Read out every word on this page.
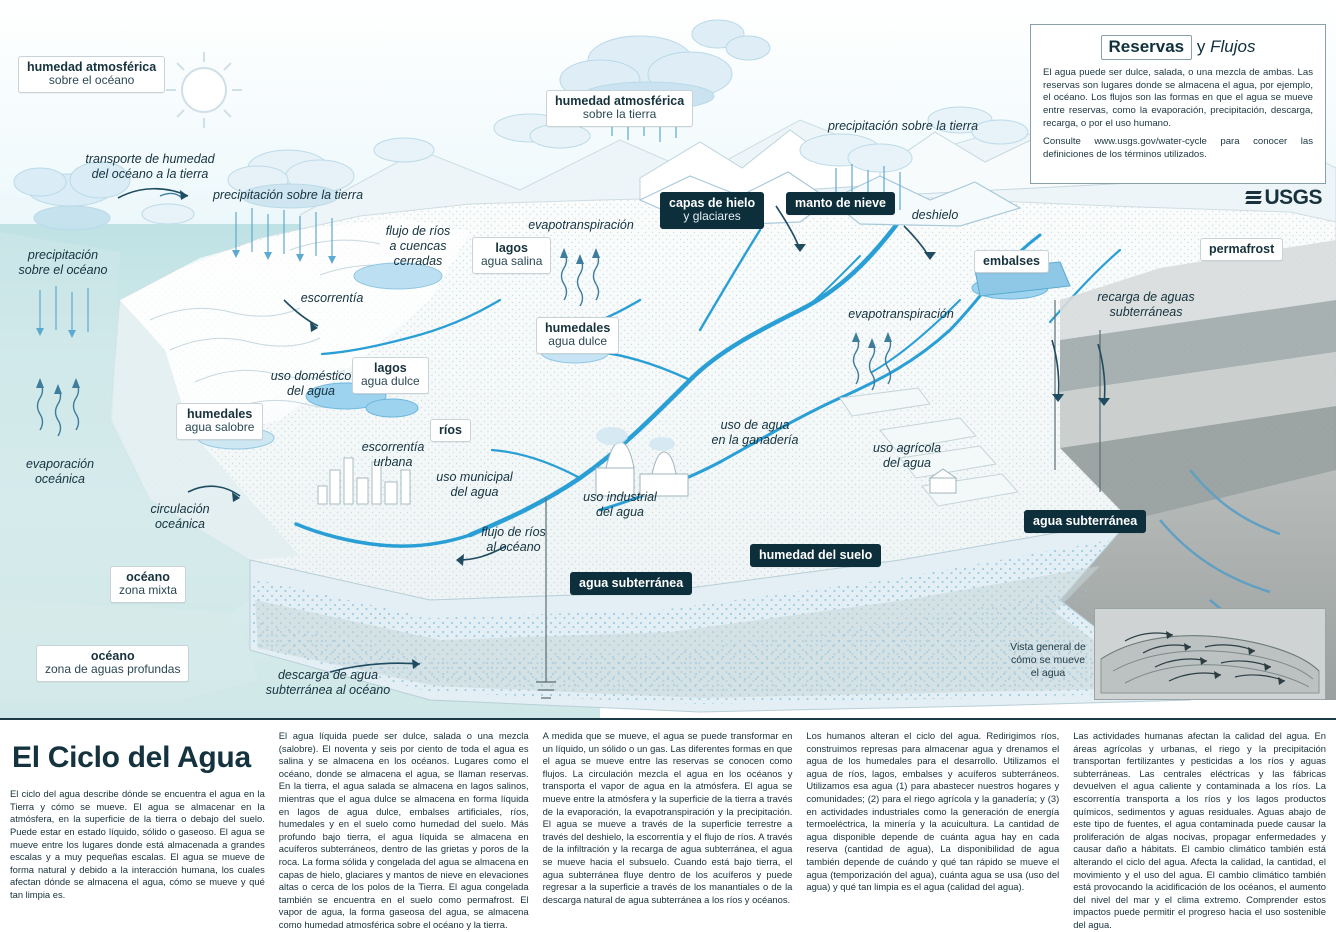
humedad atmosférica
sobre el océano
humedad atmosférica
sobre la tierra
capas de hielo
y glaciares
manto de nieve
lagos
agua salina	embalses
permafrost
humedales
agua dulce
lagos
agua dulce
humedales
agua salobre	ríos
agua subterránea
humedad del suelo
agua subterránea
océano
zona mixta
océano
zona de aguas profundas
transporte de humedad
del océano a la tierra
precipitación sobre la tierra
precipitación sobre la tierra
flujo de ríos
a cuencas
cerradas
evapotranspiración
deshielo
precipitación
sobre el océano
escorrentía	recarga de aguas
subterráneas
evapotranspiración
uso doméstico
del agua
uso de agua
en la ganadería
uso agrícola
del agua
escorrentía
urbana
uso municipal
del agua
evaporación
oceánica
uso industrial
del agua
circulación
oceánica
flujo de ríos
al océano
descarga de agua
subterránea al océano
Reservas y Flujos

El agua puede ser dulce, salada, o una mezcla de ambas. Las reservas son lugares donde se almacena el agua, por ejemplo, el océano. Los flujos son las formas en que el agua se mueve entre reservas, como la evaporación, precipitación, descarga, recarga, o por el uso humano.

Consulte www.usgs.gov/water-cycle para conocer las definiciones de los términos utilizados.

USGS
Vista general de cómo se mueve el agua
El Ciclo del Agua

El ciclo del agua describe dónde se encuentra el agua en la Tierra y cómo se mueve. El agua se almacenar en la atmósfera, en la superficie de la tierra o debajo del suelo. Puede estar en estado líquido, sólido o gaseoso. El agua se mueve entre los lugares donde está almacenada a grandes escalas y a muy pequeñas escalas. El agua se mueve de forma natural y debido a la interacción humana, los cuales afectan dónde se almacena el agua, cómo se mueve y qué tan limpia es.

El agua líquida puede ser dulce, salada o una mezcla (salobre). El noventa y seis por ciento de toda el agua es salina y se almacena en los océanos. Lugares como el océano, donde se almacena el agua, se llaman reservas. En la tierra, el agua salada se almacena en lagos salinos, mientras que el agua dulce se almacena en forma líquida en lagos de agua dulce, embalses artificiales, ríos, humedales y en el suelo como humedad del suelo. Más profundo bajo tierra, el agua líquida se almacena en acuíferos subterráneos, dentro de las grietas y poros de la roca. La forma sólida y congelada del agua se almacena en capas de hielo, glaciares y mantos de nieve en elevaciones altas o cerca de los polos de la Tierra. El agua congelada también se encuentra en el suelo como permafrost. El vapor de agua, la forma gaseosa del agua, se almacena como humedad atmosférica sobre el océano y la tierra.

A medida que se mueve, el agua se puede transformar en un líquido, un sólido o un gas. Las diferentes formas en que el agua se mueve entre las reservas se conocen como flujos. La circulación mezcla el agua en los océanos y transporta el vapor de agua en la atmósfera. El agua se mueve entre la atmósfera y la superficie de la tierra a través de la evaporación, la evapotranspiración y la precipitación. El agua se mueve a través de la superficie terrestre a través del deshielo, la escorrentía y el flujo de ríos. A través de la infiltración y la recarga de agua subterránea, el agua se mueve hacia el subsuelo. Cuando está bajo tierra, el agua subterránea fluye dentro de los acuíferos y puede regresar a la superficie a través de los manantiales o de la descarga natural de agua subterránea a los ríos y océanos.

Los humanos alteran el ciclo del agua. Redirigimos ríos, construimos represas para almacenar agua y drenamos el agua de los humedales para el desarrollo. Utilizamos el agua de ríos, lagos, embalses y acuíferos subterráneos. Utilizamos esa agua (1) para abastecer nuestros hogares y comunidades; (2) para el riego agrícola y la ganadería; y (3) en actividades industriales como la generación de energía termoeléctrica, la minería y la acuicultura. La cantidad de agua disponible depende de cuánta agua hay en cada reserva (cantidad de agua), La disponibilidad de agua también depende de cuándo y qué tan rápido se mueve el agua (temporización del agua), cuánta agua se usa (uso del agua) y qué tan limpia es el agua (calidad del agua).

Las actividades humanas afectan la calidad del agua. En áreas agrícolas y urbanas, el riego y la precipitación transportan fertilizantes y pesticidas a los ríos y aguas subterráneas. Las centrales eléctricas y las fábricas devuelven el agua caliente y contaminada a los ríos. La escorrentía transporta a los ríos y los lagos productos químicos, sedimentos y aguas residuales. Aguas abajo de este tipo de fuentes, el agua contaminada puede causar la proliferación de algas nocivas, propagar enfermedades y causar daño a hábitats. El cambio climático también está alterando el ciclo del agua. Afecta la calidad, la cantidad, el movimiento y el uso del agua. El cambio climático también está provocando la acidificación de los océanos, el aumento del nivel del mar y el clima extremo. Comprender estos impactos puede permitir el progreso hacia el uso sostenible del agua.
